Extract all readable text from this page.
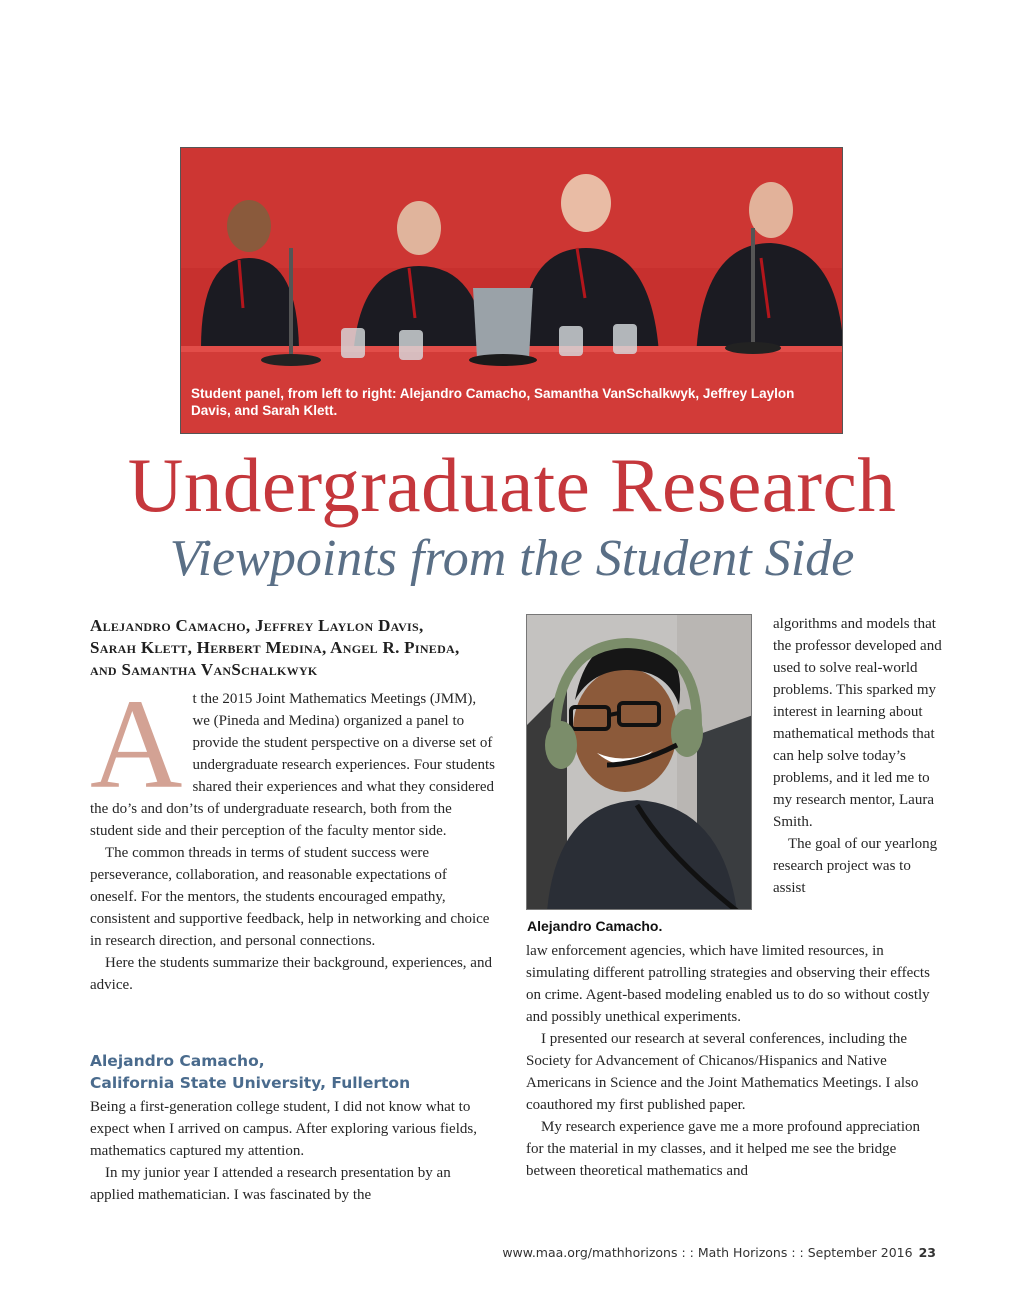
Student panel, from left to right: Alejandro Camacho, Samantha VanSchalkwyk, Jeffrey Laylon Davis, and Sarah Klett.
Undergraduate Research
Viewpoints from the Student Side
Alejandro Camacho, Jeffrey Laylon Davis,
Sarah Klett, Herbert Medina, Angel R. Pineda,
and Samantha VanSchalkwyk
A t the 2015 Joint Mathematics Meetings (JMM), we (Pineda and Medina) organized a panel to provide the student perspective on a diverse set of undergraduate research experiences. Four students shared their experiences and what they considered the do’s and don’ts of undergraduate research, both from the student side and their perception of the faculty mentor side.

The common threads in terms of student success were perseverance, collaboration, and reasonable expectations of oneself. For the mentors, the students encouraged empathy, consistent and supportive feedback, help in networking and choice in research direction, and personal connections.

Here the students summarize their background, experiences, and advice.

Alejandro Camacho,
California State University, Fullerton

Being a first-generation college student, I did not know what to expect when I arrived on campus. After exploring various fields, mathematics captured my attention.

In my junior year I attended a research presentation by an applied mathematician. I was fascinated by the

Alejandro Camacho.

algorithms and models that the professor developed and used to solve real-world problems. This sparked my interest in learning about mathematical methods that can help solve today’s problems, and it led me to my research mentor, Laura Smith.

The goal of our yearlong research project was to assist

law enforcement agencies, which have limited resources, in simulating different patrolling strategies and observing their effects on crime. Agent-based modeling enabled us to do so without costly and possibly unethical experiments.

I presented our research at several conferences, including the Society for Advancement of Chicanos/Hispanics and Native Americans in Science and the Joint Mathematics Meetings. I also coauthored my first published paper.

My research experience gave me a more profound appreciation for the material in my classes, and it helped me see the bridge between theoretical mathematics and

www.maa.org/mathhorizons : : Math Horizons : : September 2016 23
